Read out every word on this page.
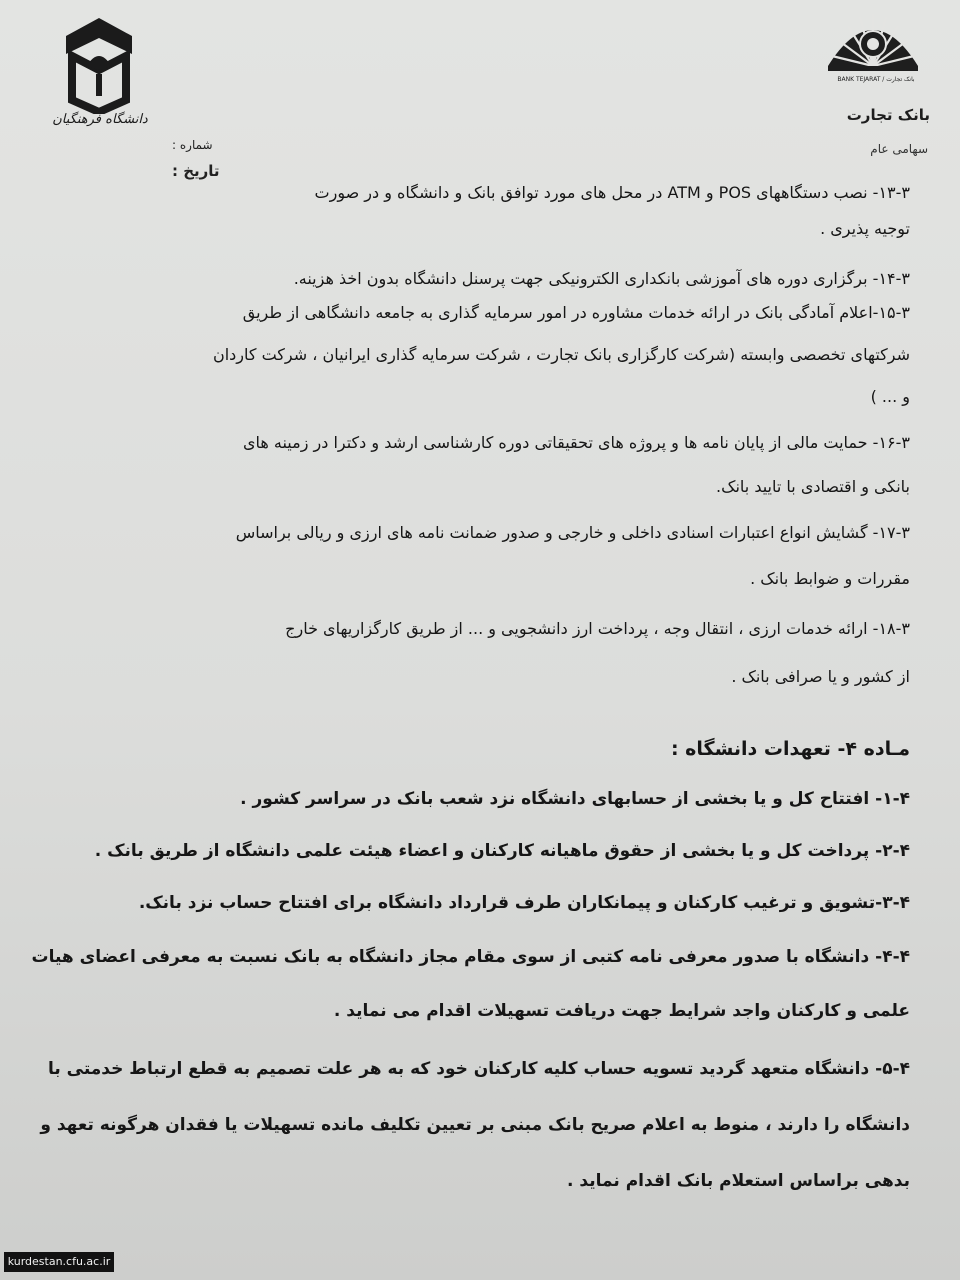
BANK TEJARAT / بانک تجارت
بانک تجارت
سهامی عام
دانشگاه فرهنگیان
شماره :
تاریخ :
۱۳-۳- نصب دستگاههای POS و ATM در محل های مورد توافق بانک و دانشگاه و در صورت
توجیه پذیری .
۱۴-۳- برگزاری دوره های آموزشی بانکداری الکترونیکی جهت پرسنل دانشگاه بدون اخذ هزینه.
۱۵-۳-اعلام آمادگی بانک در ارائه خدمات مشاوره در امور سرمایه گذاری به جامعه دانشگاهی از طریق
شرکتهای تخصصی وابسته (شرکت کارگزاری بانک تجارت ، شرکت سرمایه گذاری ایرانیان ، شرکت کاردان
و ... )
۱۶-۳- حمایت مالی از پایان نامه ها و پروژه های تحقیقاتی دوره کارشناسی ارشد و دکترا در زمینه های
بانکی و اقتصادی با تایید بانک.
۱۷-۳- گشایش انواع اعتبارات اسنادی داخلی و خارجی و صدور ضمانت نامه های ارزی و ریالی براساس
مقررات و ضوابط بانک .
۱۸-۳- ارائه خدمات ارزی ، انتقال وجه ، پرداخت ارز دانشجویی و ... از طریق کارگزاریهای خارج
از کشور و یا صرافی بانک .
مـاده ۴- تعهدات دانشگاه :
۱-۴- افتتاح کل و یا بخشی از حسابهای دانشگاه نزد شعب بانک در سراسر کشور .
۲-۴- پرداخت کل و یا بخشی از حقوق ماهیانه کارکنان و اعضاء هیئت علمی دانشگاه از طریق بانک .
۳-۴-تشویق و ترغیب کارکنان و پیمانکاران طرف قرارداد دانشگاه برای افتتاح حساب نزد بانک.
۴-۴- دانشگاه با صدور معرفی نامه کتبی از سوی مقام مجاز دانشگاه به بانک نسبت به معرفی اعضای هیات
علمی و کارکنان واجد شرایط جهت دریافت تسهیلات اقدام می نماید .
۵-۴- دانشگاه متعهد گردید تسویه حساب کلیه کارکنان خود که به هر علت تصمیم به قطع ارتباط خدمتی با
دانشگاه را دارند ، منوط به اعلام صریح بانک مبنی بر تعیین تکلیف مانده تسهیلات یا فقدان هرگونه تعهد و
بدهی براساس استعلام بانک اقدام نماید .
kurdestan.cfu.ac.ir
